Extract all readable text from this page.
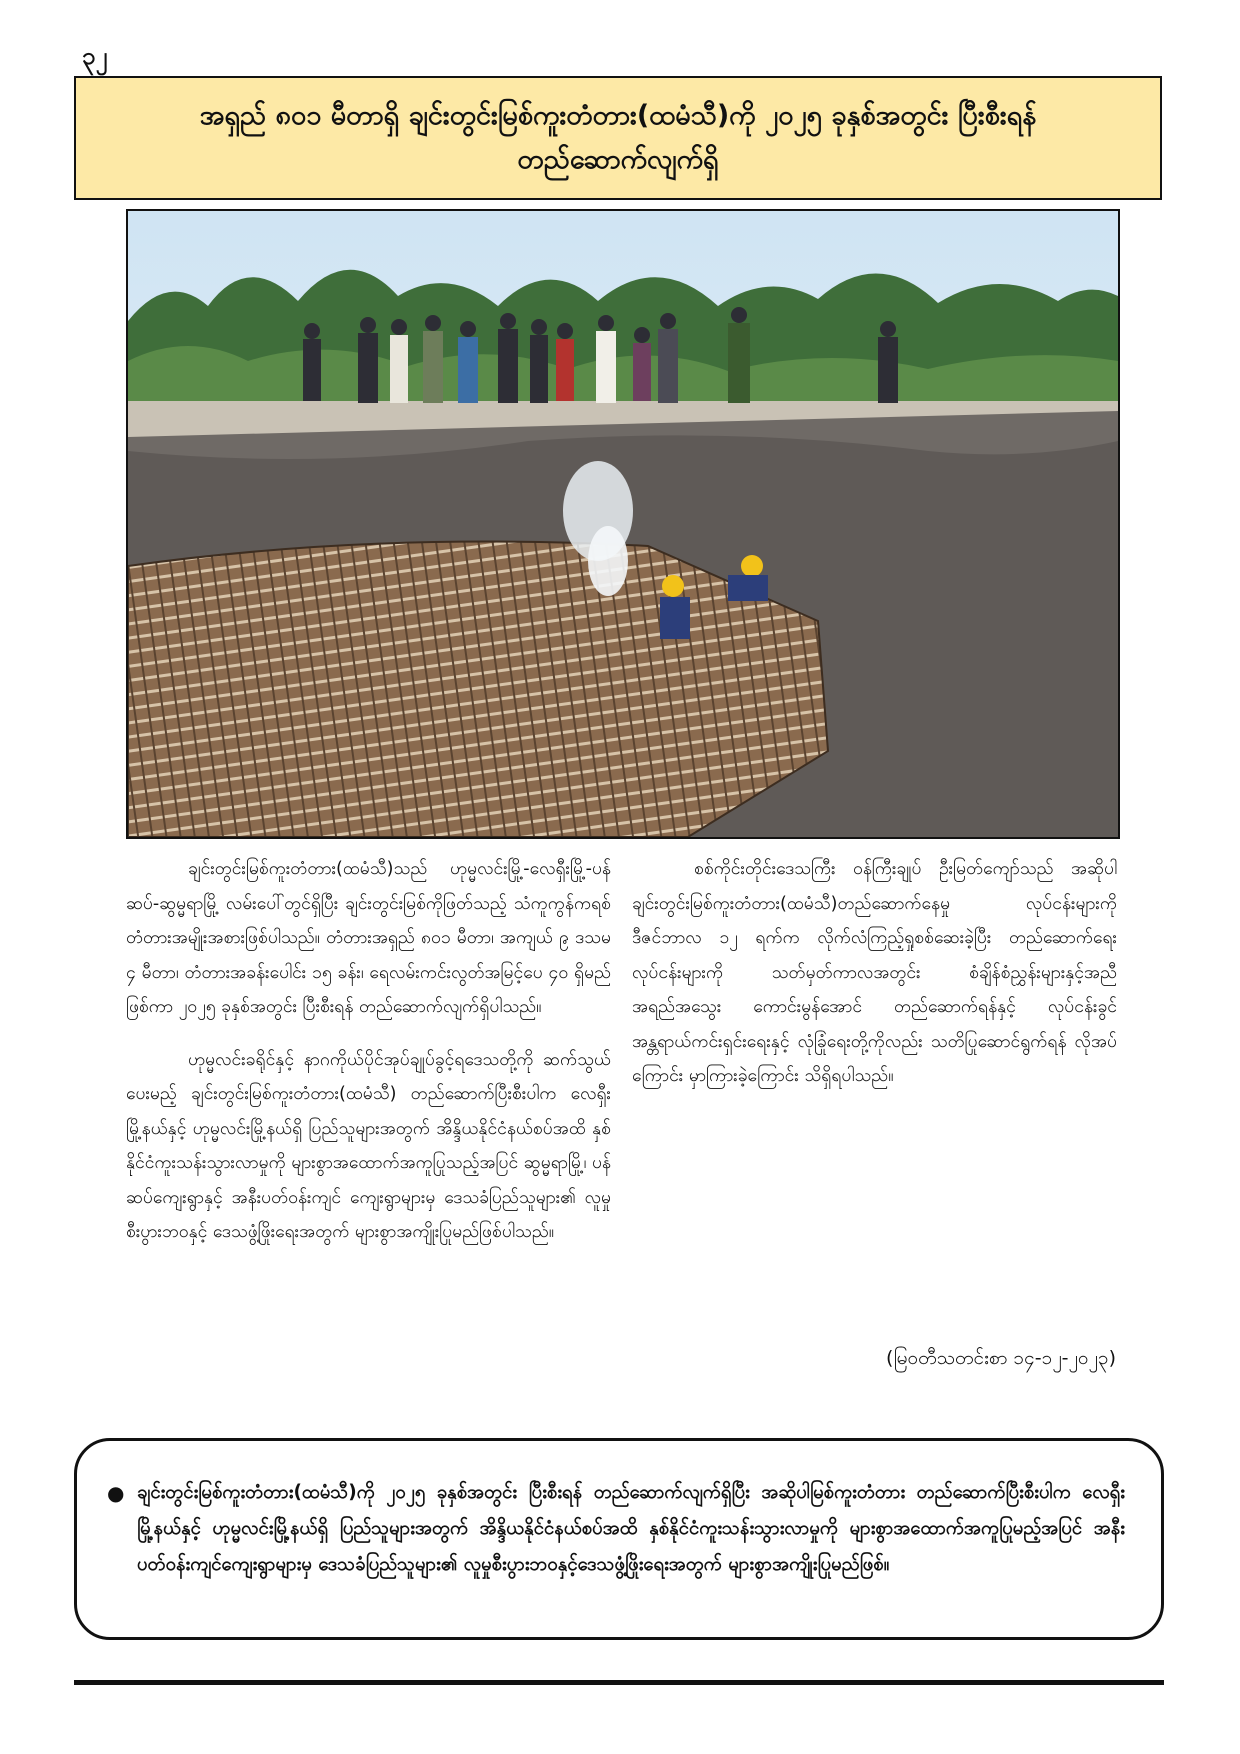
၃၂
အရှည် ၈၀၁ မီတာရှိ ချင်းတွင်းမြစ်ကူးတံတား(ထမံသီ)ကို ၂၀၂၅ ခုနှစ်အတွင်း ပြီးစီးရန်
တည်ဆောက်လျက်ရှိ

ချင်းတွင်းမြစ်ကူးတံတား(ထမံသီ)သည် ဟုမ္မလင်းမြို့-လေရှီးမြို့-ပန်ဆပ်-ဆွမ္မရာမြို့ လမ်းပေါ်တွင်ရှိပြီး ချင်းတွင်းမြစ်ကိုဖြတ်သည့် သံကူကွန်ကရစ်တံတားအမျိုးအစားဖြစ်ပါသည်။ တံတားအရှည် ၈၀၁ မီတာ၊ အကျယ် ၉ ဒသမ ၄ မီတာ၊ တံတားအခန်းပေါင်း ၁၅ ခန်း၊ ရေလမ်းကင်းလွတ်အမြင့်ပေ ၄၀ ရှိမည်ဖြစ်ကာ ၂၀၂၅ ခုနှစ်အတွင်း ပြီးစီးရန် တည်ဆောက်လျက်ရှိပါသည်။

ဟုမ္မလင်းခရိုင်နှင့် နာဂကိုယ်ပိုင်အုပ်ချုပ်ခွင့်ရဒေသတို့ကို ဆက်သွယ်ပေးမည့် ချင်းတွင်းမြစ်ကူးတံတား(ထမံသီ) တည်ဆောက်ပြီးစီးပါက လေရှီးမြို့နယ်နှင့် ဟုမ္မလင်းမြို့နယ်ရှိ ပြည်သူများအတွက် အိန္ဒိယနိုင်ငံနယ်စပ်အထိ နှစ်နိုင်ငံကူးသန်းသွားလာမှုကို များစွာအထောက်အကူပြုသည့်အပြင် ဆွမ္မရာမြို့၊ ပန်ဆပ်ကျေးရွာနှင့် အနီးပတ်ဝန်းကျင် ကျေးရွာများမှ ဒေသခံပြည်သူများ၏ လူမှုစီးပွားဘဝနှင့် ဒေသဖွံ့ဖြိုးရေးအတွက် များစွာအကျိုးပြုမည်ဖြစ်ပါသည်။

စစ်ကိုင်းတိုင်းဒေသကြီး ဝန်ကြီးချုပ် ဦးမြတ်ကျော်သည် အဆိုပါ ချင်းတွင်းမြစ်ကူးတံတား(ထမံသီ)တည်ဆောက်နေမှု လုပ်ငန်းများကို ဒီဇင်ဘာလ ၁၂ ရက်က လိုက်လံကြည့်ရှုစစ်ဆေးခဲ့ပြီး တည်ဆောက်ရေးလုပ်ငန်းများကို သတ်မှတ်ကာလအတွင်း စံချိန်စံညွှန်းများနှင့်အညီ အရည်အသွေး ကောင်းမွန်အောင် တည်ဆောက်ရန်နှင့် လုပ်ငန်းခွင်အန္တရာယ်ကင်းရှင်းရေးနှင့် လုံခြုံရေးတို့ကိုလည်း သတိပြုဆောင်ရွက်ရန် လိုအပ်ကြောင်း မှာကြားခဲ့ကြောင်း သိရှိရပါသည်။

(မြဝတီသတင်းစာ ၁၄-၁၂-၂၀၂၃)
● ချင်းတွင်းမြစ်ကူးတံတား(ထမံသီ)ကို ၂၀၂၅ ခုနှစ်အတွင်း ပြီးစီးရန် တည်ဆောက်လျက်ရှိပြီး အဆိုပါမြစ်ကူးတံတား တည်ဆောက်ပြီးစီးပါက လေရှီးမြို့နယ်နှင့် ဟုမ္မလင်းမြို့နယ်ရှိ ပြည်သူများအတွက် အိန္ဒိယနိုင်ငံနယ်စပ်အထိ နှစ်နိုင်ငံကူးသန်းသွားလာမှုကို များစွာအထောက်အကူပြုမည့်အပြင် အနီးပတ်ဝန်းကျင်ကျေးရွာများမှ ဒေသခံပြည်သူများ၏ လူမှုစီးပွားဘဝနှင့်ဒေသဖွံ့ဖြိုးရေးအတွက် များစွာအကျိုးပြုမည်ဖြစ်။
